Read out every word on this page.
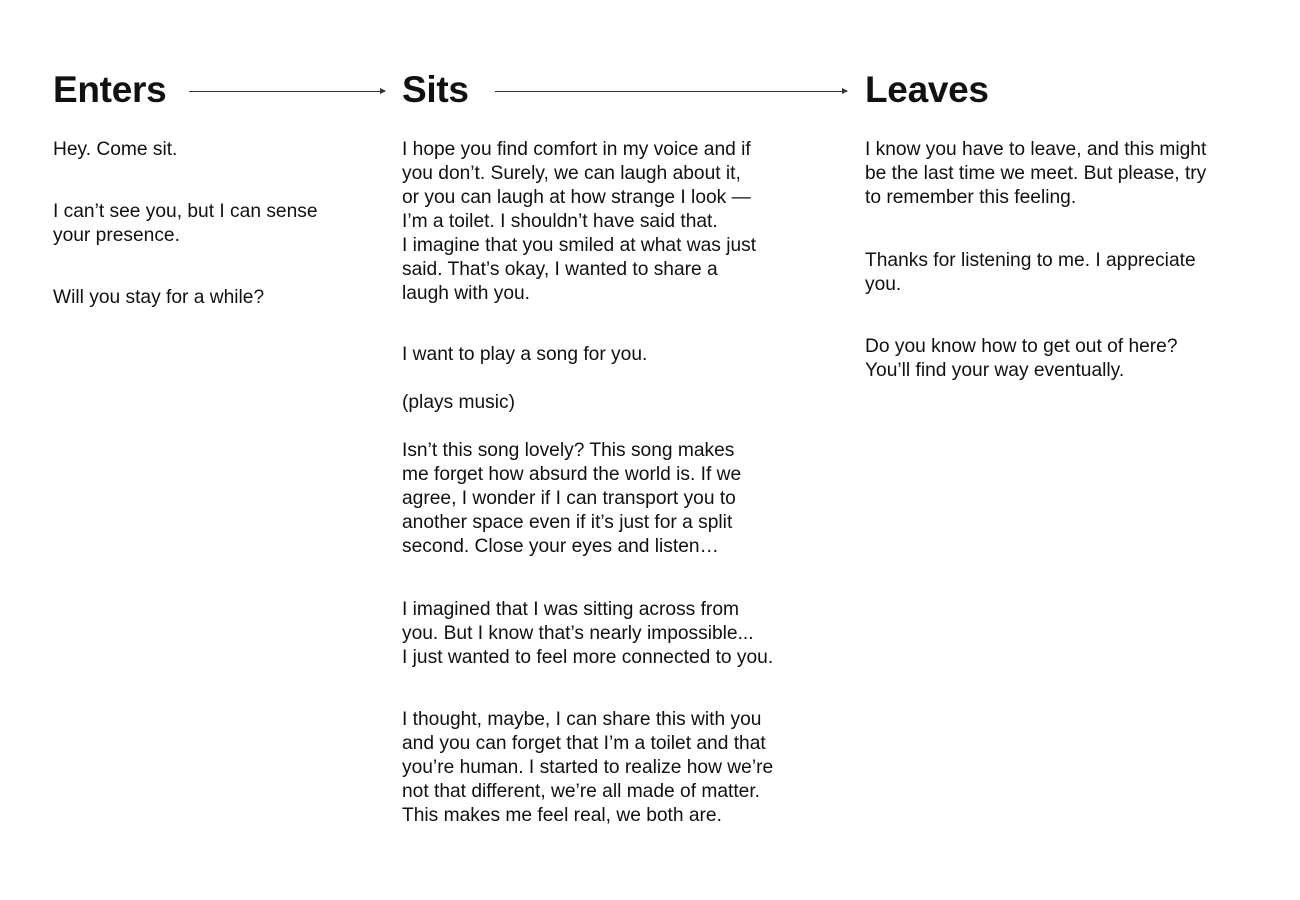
Enters	Sits	Leaves

Hey. Come sit.

I can’t see you, but I can sense
your presence.

Will you stay for a while?

I hope you find comfort in my voice and if
you don’t. Surely, we can laugh about it,
or you can laugh at how strange I look —
I’m a toilet. I shouldn’t have said that.
I imagine that you smiled at what was just
said. That’s okay, I wanted to share a
laugh with you.

I want to play a song for you.

(plays music)

Isn’t this song lovely? This song makes
me forget how absurd the world is. If we
agree, I wonder if I can transport you to
another space even if it’s just for a split
second. Close your eyes and listen…

I imagined that I was sitting across from
you. But I know that’s nearly impossible...
I just wanted to feel more connected to you.

I thought, maybe, I can share this with you
and you can forget that I’m a toilet and that
you’re human. I started to realize how we’re
not that different, we’re all made of matter.
This makes me feel real, we both are.

I know you have to leave, and this might
be the last time we meet. But please, try
to remember this feeling.

Thanks for listening to me. I appreciate
you.

Do you know how to get out of here?
You’ll find your way eventually.
